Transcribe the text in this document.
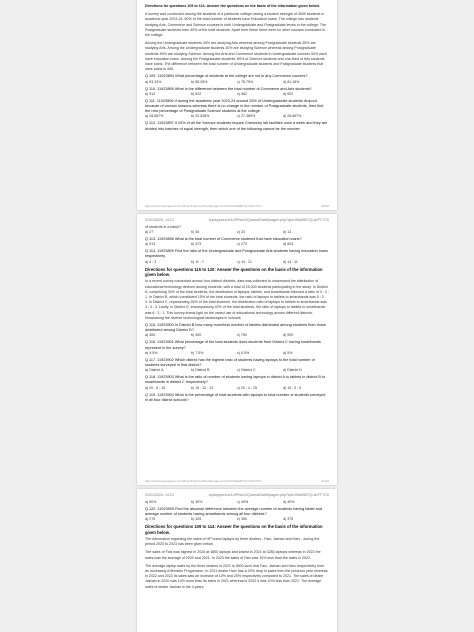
Directions for questions 109 to 114: Answer the questions on the basis of the information given below.

A survey was conducted among the students of a particular college having a student strength of 3600 students in academic year 2023-24. 60% of the total number of students have Education loans. The college has students studying Arts, Commerce and Science courses in both Undergraduate and Postgraduate levels in the college. The Postgraduate students form 40% of the total students. Apart from these there were no other courses conducted in the college.

Among the Undergraduate students 40% are studying Arts whereas among Postgraduate students 35% are studying Arts. Among the Undergraduate students 30% are studying Science whereas among Postgraduate students 50% are studying Science. Among the Arts and Commerce students in Undergraduate courses 50% each have education loans. Among the Postgraduate students, 60% of Science students and one-third of Arts students have loans. The difference between the total number of Undergraduate students and Postgraduate students that have loans is 408.

Q 109. 11923894 What percentage of students at the college are not in any Commerce courses?

a) 53.33%	b) 85.28%	c) 76.75%	d) 81.18%

Q 110. 11923895 What is the difference between the total number of Commerce and Arts students?

a) 512	b) 522	c) 462	d) 602

Q 111. 11923896 If during the academic year 2023-24 around 25% of Undergraduate students dropout because of various reasons whereas there is no change in the number of Postgraduate students, then find the new percentage of Postgraduate Science students at the college.

a) 28.667%	b) 22.528%	c) 27.389%	d) 26.667%

Q 112. 11923897 If 25% of all the Science students require Chemistry lab facilities once a week and they are divided into batches of equal strength, then which one of the following cannot be the number

https://www.cuptoppers.in/LNP/set1/Quizes/Dwell/pages.php?qId=90aHB/TQ=&rFT?CS	30/46
31/01/2024, 14:21	cuptoppers.in/LNP/set1/Quizes/Dwell/pages.php?qId=90aHB/TQ=&rFT?CS

of students in a batch?

a) 27	b) 36	c) 33	d) 13

Q 113. 11923898 What is the total number of Commerce students that have education loans?

a) 513	b) 373	c) 273	d) 603

Q 114. 11923899 Find the ratio of the Undergraduate and Postgraduate Arts students having education loans respectively.

a) 4 : 3	b) 11 : 7	c) 44 : 21	d) 14 : 11

Directions for questions 115 to 120: Answer the questions on the basis of the information given below.

In a recent survey conducted across four distinct districts, data was collected to understand the distribution of educational technology devices among students, with a total of 15,000 students participating in the study. In District A, comprising 30% of the total students, the distribution of laptops, tablets, and smartbands followed a ratio of 4 : 3 : 1. In District B, which constituted 15% of the total students, the ratio of laptops to tablets to smartbands was 5 : 2 : 3. In District C, representing 25% of the total students, the distribution ratio of laptops to tablets to smartbands was 3 : 4 : 3. Lastly, in District D, encompassing 40% of the total students, the ratio of laptops to tablets to smartbands was 6 : 3 : 1. This survey sheds light on the varied use of educational technology across different districts, showcasing the diverse technological landscapes in schools.

Q 115. 11923900 In District B how many more/less number of tablets distributed among students than those distributed among District D?

a) 300	b) 400	c) 750	d) 900

Q 116. 11923901 What percentage of the total students does students from District C having smartbands represent in the survey?

a) 4.5%	b) 7.5%	c) 6.5%	d) 5%

Q 117. 11923902 Which district has the highest ratio of students having laptops to the total number of students surveyed in that district?

a) District A	b) District B	c) District C	d) District D

Q 118. 11923903 What is the ratio of number of students having laptops in district A to tablets in district B to smartbands in district C respectively?

a) 20 : 6 : 15	b) 15 : 12 : 13	c) 20 : 4 : 15	d) 16 : 3 : 9

Q 119. 11923904 What is the percentage of total students with laptops to total number of students surveyed in all four district schools?

https://www.cuptoppers.in/LNP/set1/Quizes/Dwell/pages.php?qId=90aHB/TQ=&rFT?CS	31/46
31/01/2024, 14:21	cuptoppers.in/LNP/set1/Quizes/Dwell/pages.php?qId=90aHB/TQ=&rFT?CS
a) 50%	b) 30%	c) 49%	d) 40%

Q 120. 11923905 Find the absolute difference between the average number of students having tablet and average number of students having smartbands among all four districts?

a) 275	b) 325	c) 350	d) 375

Directions for questions 109 to 114: Answer the questions on the basis of the information given below.

The information regarding the sales of HP brand laptops by three dealers - Faiz, Jashan and Harv - during the period 2020 to 2023 has been given below.

The sales of Faiz was highest in 2020 at 4800 laptops and lowest in 2021 at 3280 laptops whereas in 2022 the sales was the average of 2020 and 2021. In 2023 the sales of Faiz was 10% less than the sales in 2022.

The average laptop sales by the three dealers in 2021 is 3600 such that Faiz, Jashan and Harv respectively form an increasing Arithmetic Progression. In 2021 dealer Harv has a 20% drop in sales from the previous year whereas in 2022 and 2023 its sales saw an increase of 10% and 25% respectively compared to 2021. The sales of dealer Jashan in 2020 was 10% more than its sales in 2021 whereas in 2022 it was 10% less than 2021. The average sales of dealer Jashan in the 4 years
